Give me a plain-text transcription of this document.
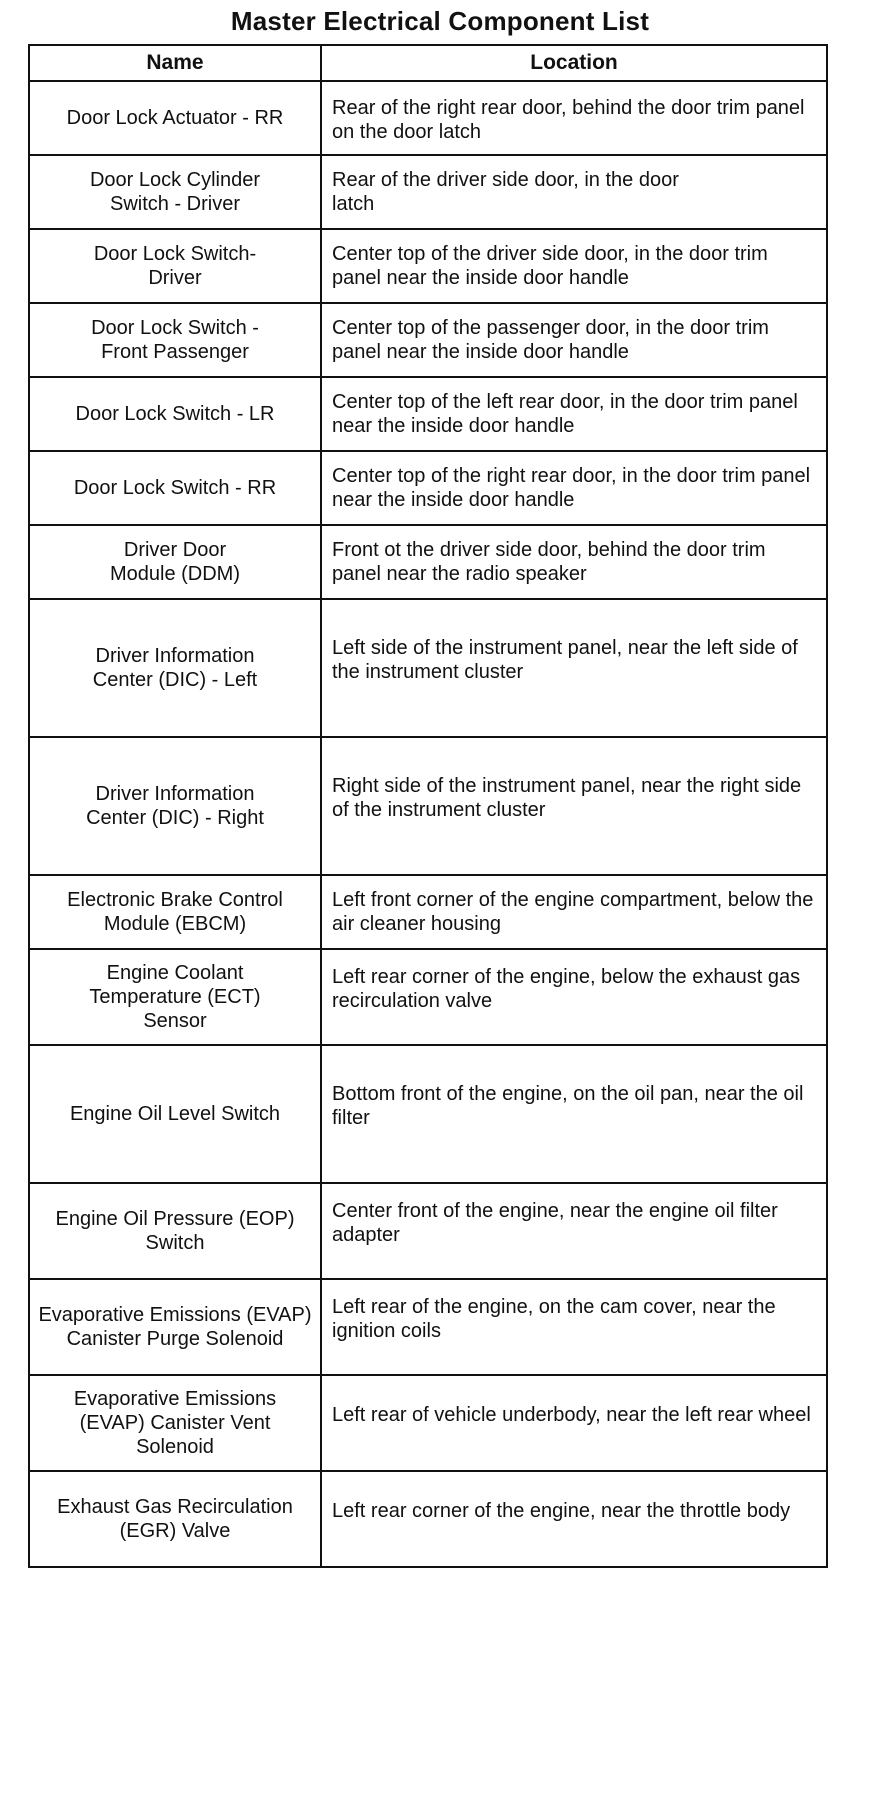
Master Electrical Component List
Name	Location

Door Lock Actuator - RR	Rear of the right rear door, behind the door trim panel on the door latch

Door Lock Cylinder Switch - Driver	Rear of the driver side door, in the door latch

Door Lock Switch-Driver	Center top of the driver side door, in the door trim panel near the inside door handle

Door Lock Switch - Front Passenger	Center top of the passenger door, in the door trim panel near the inside door handle

Door Lock Switch - LR	Center top of the left rear door, in the door trim panel near the inside door handle

Door Lock Switch - RR	Center top of the right rear door, in the door trim panel near the inside door handle

Driver Door Module (DDM)	Front ot the driver side door, behind the door trim panel near the radio speaker

Driver Information Center (DIC) - Left	Left side of the instrument panel, near the left side of the instrument cluster

Driver Information Center (DIC) - Right	Right side of the instrument panel, near the right side of the instrument cluster

Electronic Brake Control Module (EBCM)	Left front corner of the engine compartment, below the air cleaner housing

Engine Coolant Temperature (ECT) Sensor	Left rear corner of the engine, below the exhaust gas recirculation valve

Engine Oil Level Switch	Bottom front of the engine, on the oil pan, near the oil filter

Engine Oil Pressure (EOP) Switch	Center front of the engine, near the engine oil filter adapter

Evaporative Emissions (EVAP) Canister Purge Solenoid	Left rear of the engine, on the cam cover, near the ignition coils

Evaporative Emissions (EVAP) Canister Vent Solenoid	Left rear of vehicle underbody, near the left rear wheel

Exhaust Gas Recirculation (EGR) Valve	Left rear corner of the engine, near the throttle body
